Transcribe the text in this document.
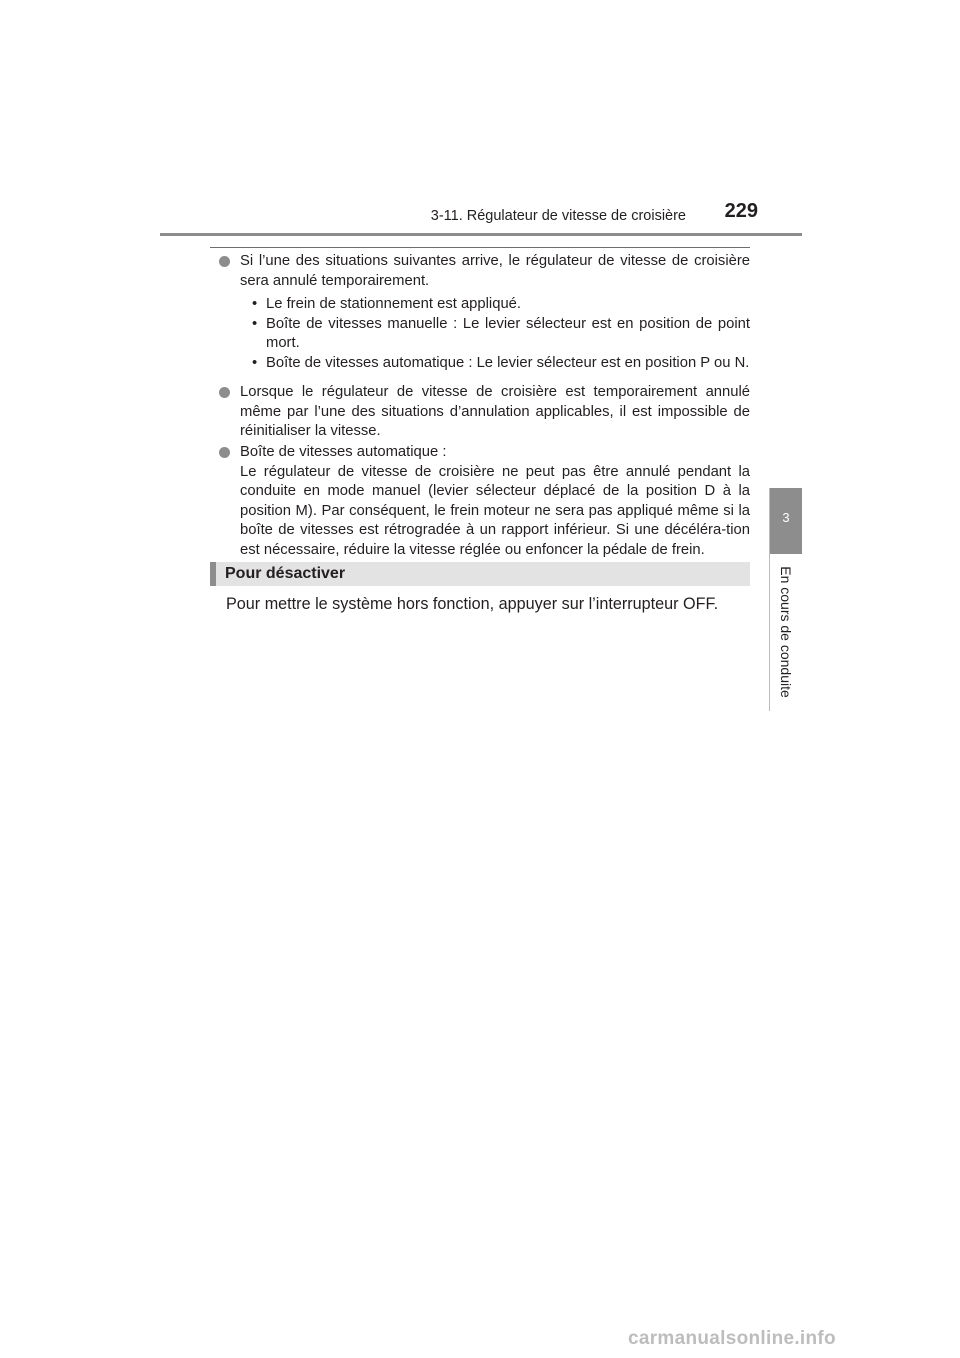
3-11. Régulateur de vitesse de croisière 229
3
En cours de conduite
Si l’une des situations suivantes arrive, le régulateur de vitesse de croisière sera annulé temporairement.
• Le frein de stationnement est appliqué.
• Boîte de vitesses manuelle : Le levier sélecteur est en position de point mort.
• Boîte de vitesses automatique : Le levier sélecteur est en position P ou N.
Lorsque le régulateur de vitesse de croisière est temporairement annulé même par l’une des situations d’annulation applicables, il est impossible de réinitialiser la vitesse.
Boîte de vitesses automatique :
Le régulateur de vitesse de croisière ne peut pas être annulé pendant la conduite en mode manuel (levier sélecteur déplacé de la position D à la position M). Par conséquent, le frein moteur ne sera pas appliqué même si la boîte de vitesses est rétrogradée à un rapport inférieur. Si une décéléra-tion est nécessaire, réduire la vitesse réglée ou enfoncer la pédale de frein.
Pour désactiver
Pour mettre le système hors fonction, appuyer sur l’interrupteur OFF.
carmanualsonline.info
